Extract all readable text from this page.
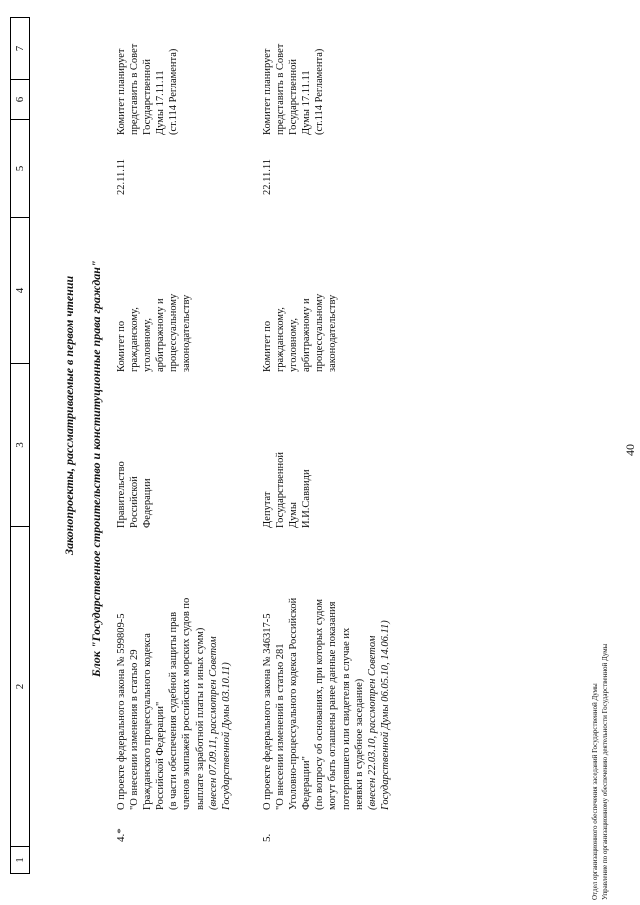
40
1
2
3
4
5
6
7
Законопроекты, рассматриваемые в первом чтении Блок "Государственное строительство и конституционные права граждан"
4.*
О проекте федерального закона № 599809-5 "О внесении изменения в статью 29 Гражданского процессуального кодекса Российской Федерации" (в части обеспечения судебной защиты прав членов экипажей российских морских судов по выплате заработной платы и иных сумм) (внесен 07.09.11, рассмотрен Советом Государственной Думы 03.10.11)
Правительство Российской Федерации
Комитет по гражданскому, уголовному, арбитражному и процессуальному законодательству
22.11.11
Комитет планирует представить в Совет Государственной Думы 17.11.11 (ст.114 Регламента)
5.
О проекте федерального закона № 346317-5 "О внесении изменений в статью 281 Уголовно-процессуального кодекса Российской Федерации" (по вопросу об основаниях, при которых судом могут быть оглашены ранее данные показания потерпевшего или свидетеля в случае их неявки в судебное заседание) (внесен 22.03.10, рассмотрен Советом Государственной Думы 06.05.10, 14.06.11)
Депутат Государственной Думы И.И.Саввиди
Комитет по гражданскому, уголовному, арбитражному и процессуальному законодательству
22.11.11
Комитет планирует представить в Совет Государственной Думы 17.11.11 (ст.114 Регламента)
Отдел организационного обеспечения заседаний Государственной Думы Управление по организационному обеспечению деятельности Государственной Думы
